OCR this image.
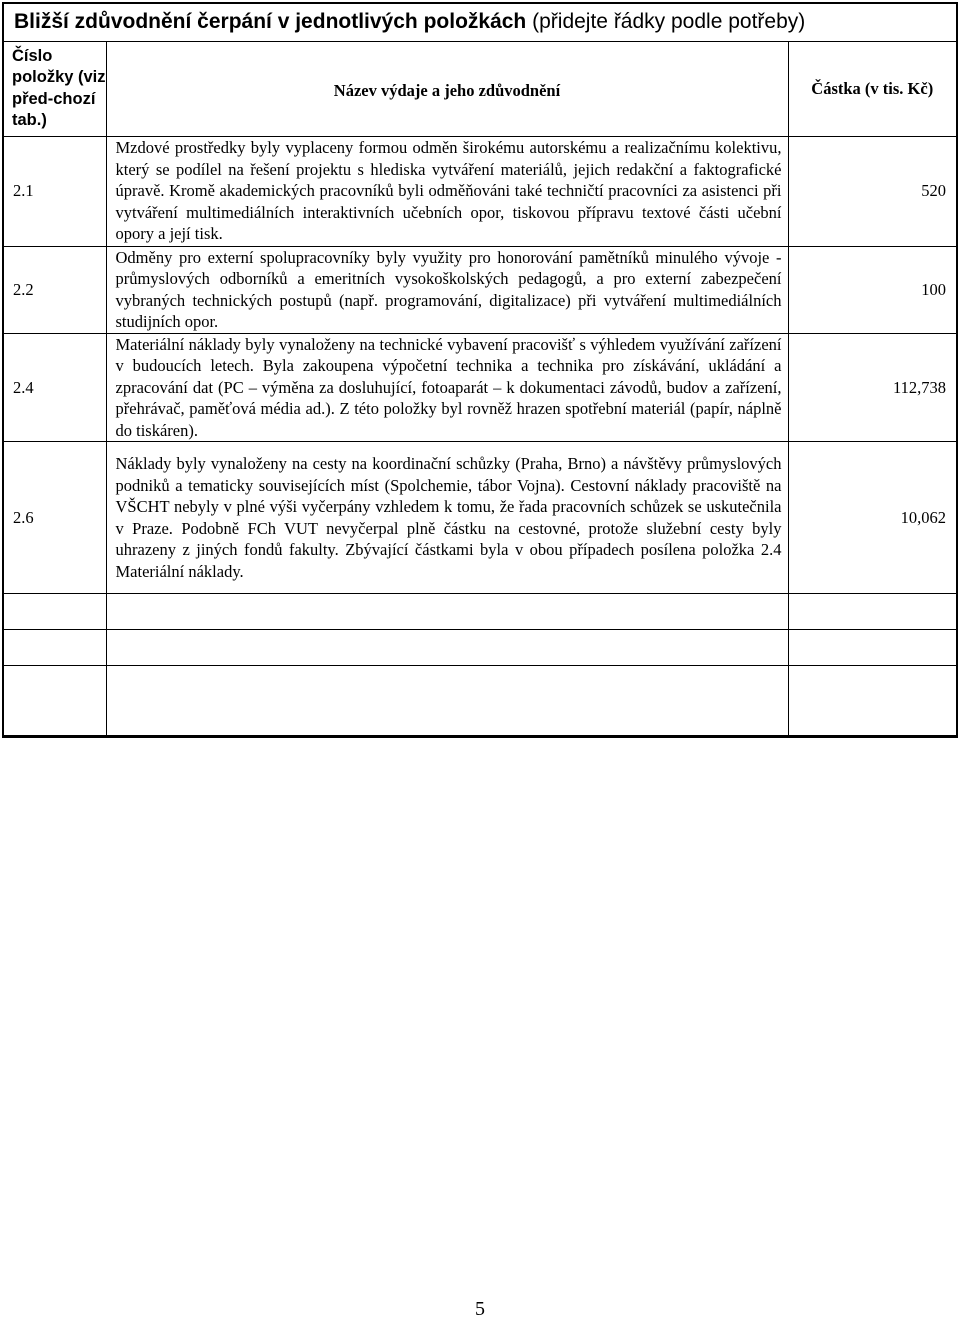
Bližší zdůvodnění čerpání v jednotlivých položkách (přidejte řádky podle potřeby)
Číslo položky (viz před-chozí tab.)	Název výdaje a jeho zdůvodnění	Částka (v tis. Kč)
2.1	Mzdové prostředky byly vyplaceny formou odměn širokému autorskému a realizačnímu kolektivu, který se podílel na řešení projektu s hlediska vytváření materiálů, jejich redakční a faktografické úpravě. Kromě akademických pracovníků byli odměňováni také techničtí pracovníci za asistenci při vytváření multimediálních interaktivních učebních opor, tiskovou přípravu textové části učební opory a její tisk.	520
2.2	Odměny pro externí spolupracovníky byly využity pro honorování pamětníků minulého vývoje - průmyslových odborníků a emeritních vysokoškolských pedagogů, a pro externí zabezpečení vybraných technických postupů (např. programování, digitalizace) při vytváření multimediálních studijních opor.	100
2.4	Materiální náklady byly vynaloženy na technické vybavení pracovišť s výhledem využívání zařízení v budoucích letech. Byla zakoupena výpočetní technika a technika pro získávání, ukládání a zpracování dat (PC – výměna za dosluhující, fotoaparát – k dokumentaci závodů, budov a zařízení, přehrávač, paměťová média ad.). Z této položky byl rovněž hrazen spotřební materiál (papír, náplně do tiskáren).	112,738
2.6	Náklady byly vynaloženy na cesty na koordinační schůzky (Praha, Brno) a návštěvy průmyslových podniků a tematicky souvisejících míst (Spolchemie, tábor Vojna). Cestovní náklady pracoviště na VŠCHT nebyly v plné výši vyčerpány vzhledem k tomu, že řada pracovních schůzek se uskutečnila v Praze. Podobně FCh VUT nevyčerpal plně částku na cestovné, protože služební cesty byly uhrazeny z jiných fondů fakulty. Zbývající částkami byla v obou případech posílena položka 2.4 Materiální náklady.	10,062

5
